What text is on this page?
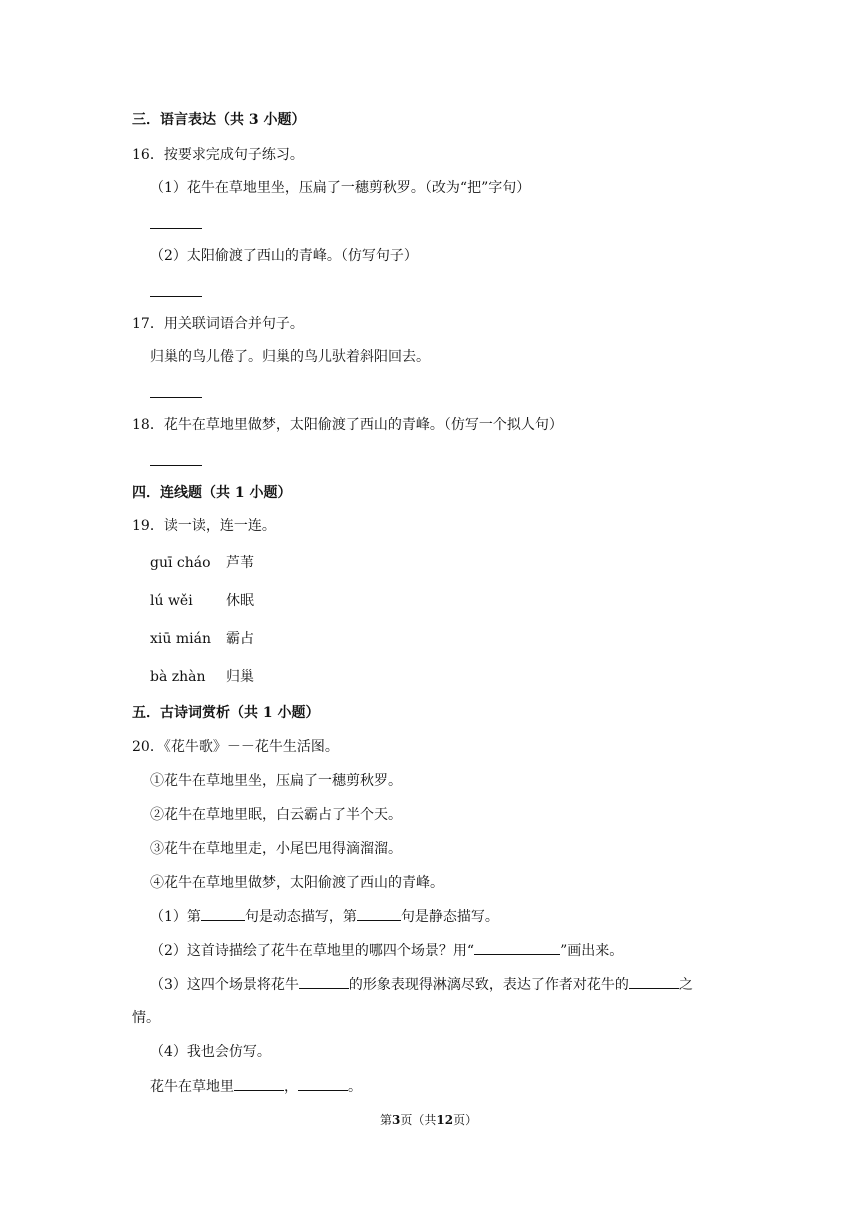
三．语言表达（共 3 小题）
16．按要求完成句子练习。
（1）花牛在草地里坐，压扁了一穗剪秋罗。（改为“把”字句）
（2）太阳偷渡了西山的青峰。（仿写句子）
17．用关联词语合并句子。
归巢的鸟儿倦了。归巢的鸟儿驮着斜阳回去。
18．花牛在草地里做梦，太阳偷渡了西山的青峰。（仿写一个拟人句）
四．连线题（共 1 小题）
19．读一读，连一连。
guī cháo 芦苇
lú wěi 休眠
xiū mián 霸占
bà zhàn 归巢
五．古诗词赏析（共 1 小题）
20．《花牛歌》－－花牛生活图。
①花牛在草地里坐，压扁了一穗剪秋罗。
②花牛在草地里眠，白云霸占了半个天。
③花牛在草地里走，小尾巴甩得滴溜溜。
④花牛在草地里做梦，太阳偷渡了西山的青峰。
（1）第	句是动态描写，第	句是静态描写。
（2）这首诗描绘了花牛在草地里的哪四个场景？用“	”画出来。
（3）这四个场景将花牛	的形象表现得淋漓尽致，表达了作者对花牛的	之
情。
（4）我也会仿写。
花牛在草地里	，	。
第3页（共12页）
